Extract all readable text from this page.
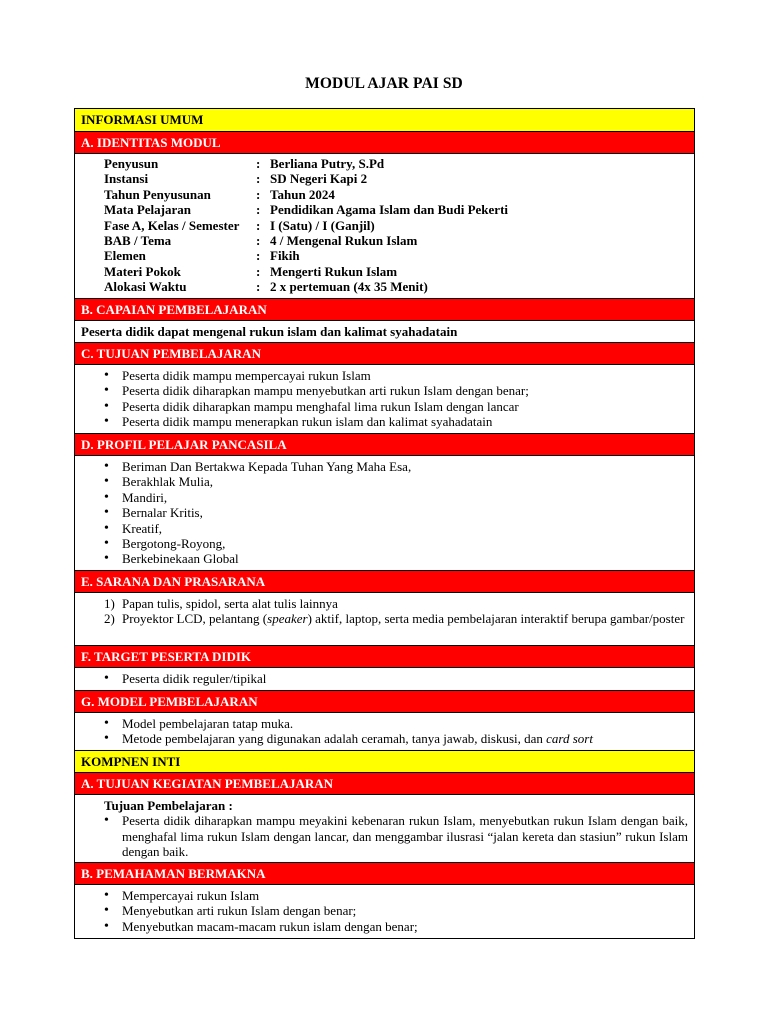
MODUL AJAR PAI SD
INFORMASI UMUM
A. IDENTITAS MODUL
Penyusun	: Berliana Putry, S.Pd
Instansi	: SD Negeri Kapi 2
Tahun Penyusunan	: Tahun 2024
Mata Pelajaran	: Pendidikan Agama Islam dan Budi Pekerti
Fase A, Kelas / Semester	: I (Satu) / I (Ganjil)
BAB / Tema	: 4 / Mengenal Rukun Islam
Elemen	: Fikih
Materi Pokok	: Mengerti Rukun Islam
Alokasi Waktu	: 2 x pertemuan (4x 35 Menit)
B. CAPAIAN PEMBELAJARAN
Peserta didik dapat mengenal rukun islam dan kalimat syahadatain
C. TUJUAN PEMBELAJARAN
• Peserta didik mampu mempercayai rukun Islam
• Peserta didik diharapkan mampu menyebutkan arti rukun Islam dengan benar;
• Peserta didik diharapkan mampu menghafal lima rukun Islam dengan lancar
• Peserta didik mampu menerapkan rukun islam dan kalimat syahadatain
D. PROFIL PELAJAR PANCASILA
• Beriman Dan Bertakwa Kepada Tuhan Yang Maha Esa,
• Berakhlak Mulia,
• Mandiri,
• Bernalar Kritis,
• Kreatif,
• Bergotong-Royong,
• Berkebinekaan Global
E. SARANA DAN PRASARANA
1) Papan tulis, spidol, serta alat tulis lainnya
2) Proyektor LCD, pelantang (speaker) aktif, laptop, serta media pembelajaran interaktif berupa gambar/poster
F. TARGET PESERTA DIDIK
• Peserta didik reguler/tipikal
G. MODEL PEMBELAJARAN
• Model pembelajaran tatap muka.
• Metode pembelajaran yang digunakan adalah ceramah, tanya jawab, diskusi, dan card sort
KOMPNEN INTI
A. TUJUAN KEGIATAN PEMBELAJARAN
Tujuan Pembelajaran :
• Peserta didik diharapkan mampu meyakini kebenaran rukun Islam, menyebutkan rukun Islam dengan baik, menghafal lima rukun Islam dengan lancar, dan menggambar ilusrasi “jalan kereta dan stasiun” rukun Islam dengan baik.
B. PEMAHAMAN BERMAKNA
• Mempercayai rukun Islam
• Menyebutkan arti rukun Islam dengan benar;
• Menyebutkan macam-macam rukun islam dengan benar;
